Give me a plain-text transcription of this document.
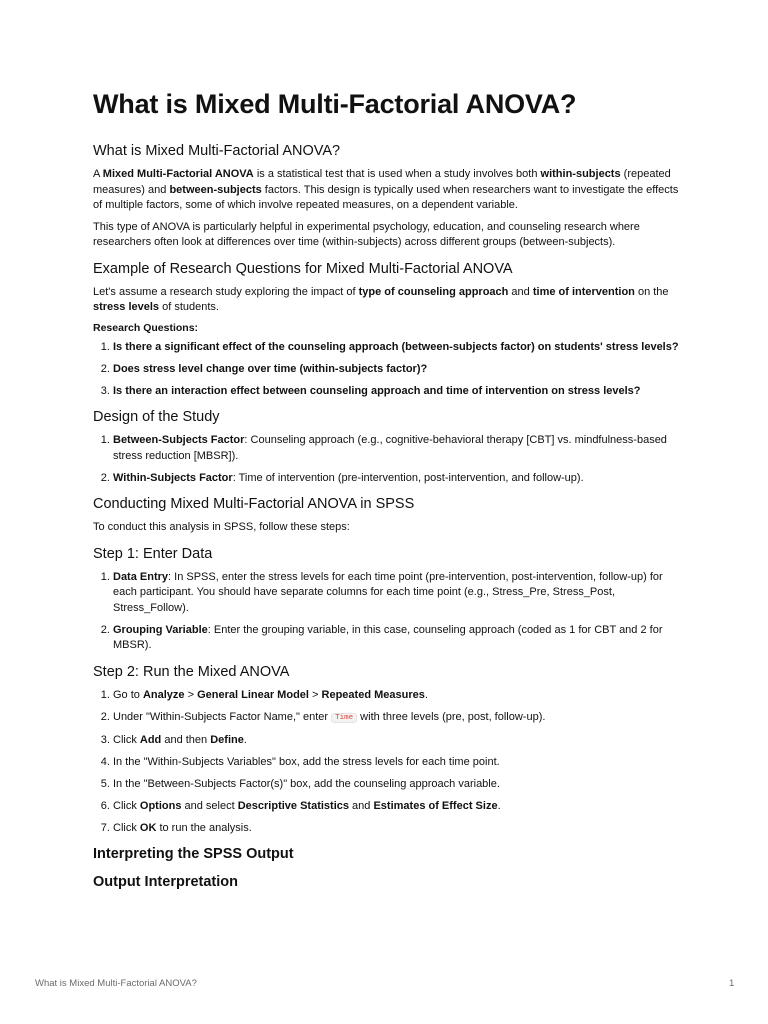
What is Mixed Multi-Factorial ANOVA?
What is Mixed Multi-Factorial ANOVA?

A Mixed Multi-Factorial ANOVA is a statistical test that is used when a study involves both within-subjects (repeated measures) and between-subjects factors. This design is typically used when researchers want to investigate the effects of multiple factors, some of which involve repeated measures, on a dependent variable.

This type of ANOVA is particularly helpful in experimental psychology, education, and counseling research where researchers often look at differences over time (within-subjects) across different groups (between-subjects).

Example of Research Questions for Mixed Multi-Factorial ANOVA

Let's assume a research study exploring the impact of type of counseling approach and time of intervention on the stress levels of students.

Research Questions:
1. Is there a significant effect of the counseling approach (between-subjects factor) on students' stress levels?
2. Does stress level change over time (within-subjects factor)?
3. Is there an interaction effect between counseling approach and time of intervention on stress levels?
Design of the Study
1. Between-Subjects Factor: Counseling approach (e.g., cognitive-behavioral therapy [CBT] vs. mindfulness-based stress reduction [MBSR]).
2. Within-Subjects Factor: Time of intervention (pre-intervention, post-intervention, and follow-up).
Conducting Mixed Multi-Factorial ANOVA in SPSS

To conduct this analysis in SPSS, follow these steps:

Step 1: Enter Data
1. Data Entry: In SPSS, enter the stress levels for each time point (pre-intervention, post-intervention, follow-up) for each participant. You should have separate columns for each time point (e.g., Stress_Pre, Stress_Post, Stress_Follow).
2. Grouping Variable: Enter the grouping variable, in this case, counseling approach (coded as 1 for CBT and 2 for MBSR).
Step 2: Run the Mixed ANOVA
1. Go to Analyze > General Linear Model > Repeated Measures.
2. Under "Within-Subjects Factor Name," enter Time with three levels (pre, post, follow-up).
3. Click Add and then Define.
4. In the "Within-Subjects Variables" box, add the stress levels for each time point.
5. In the "Between-Subjects Factor(s)" box, add the counseling approach variable.
6. Click Options and select Descriptive Statistics and Estimates of Effect Size.
7. Click OK to run the analysis.
Interpreting the SPSS Output
Output Interpretation
What is Mixed Multi-Factorial ANOVA?	1
